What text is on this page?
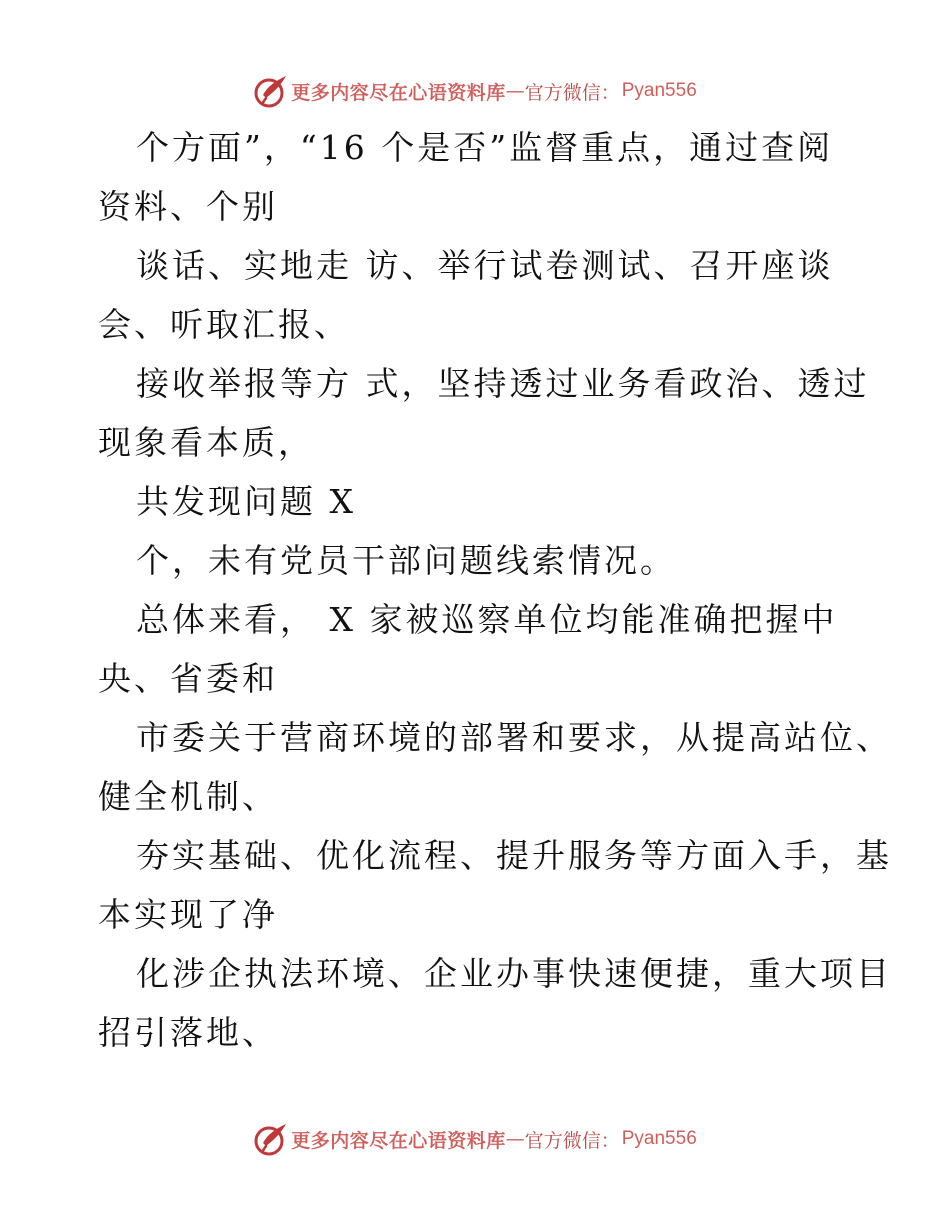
更多内容尽在心语资料库 — 官方微信： Pyan556
个方面”，“16 个是否”监督重点，通过查阅
资料、个别
谈话、实地走 访、举行试卷测试、召开座谈
会、听取汇报、
接收举报等方 式，坚持透过业务看政治、透过
现象看本质，
共发现问题 X
个，未有党员干部问题线索情况。
总体来看， X 家被巡察单位均能准确把握中
央、省委和
市委关于营商环境的部署和要求，从提高站位、
健全机制、
夯实基础、优化流程、提升服务等方面入手，基
本实现了净
化涉企执法环境、企业办事快速便捷，重大项目
招引落地、
更多内容尽在心语资料库 — 官方微信： Pyan556
